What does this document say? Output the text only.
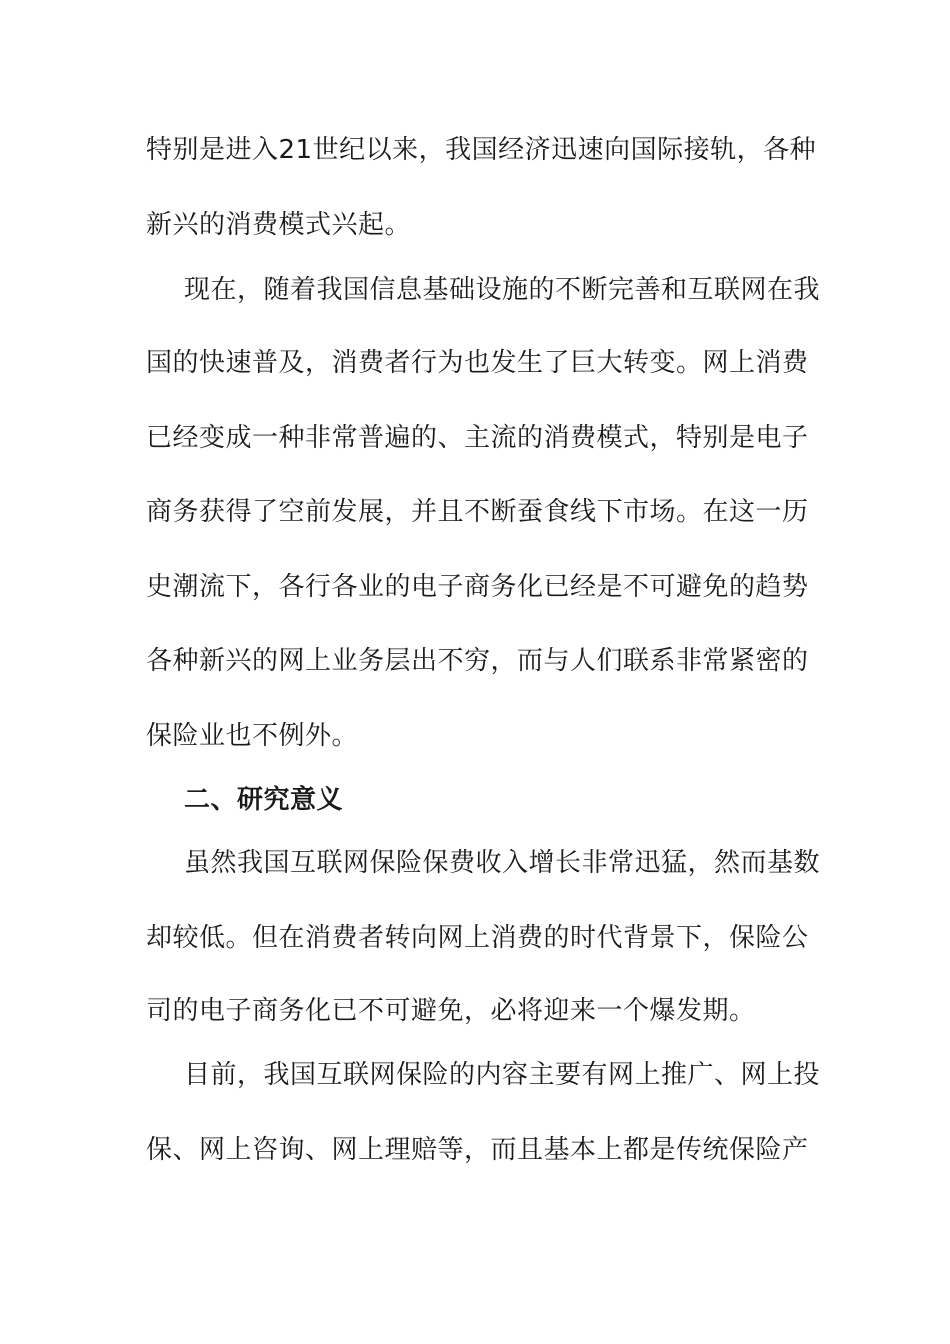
特别是进入21世纪以来，我国经济迅速向国际接轨，各种
新兴的消费模式兴起。
现在，随着我国信息基础设施的不断完善和互联网在我
国的快速普及，消费者行为也发生了巨大转变。网上消费
已经变成一种非常普遍的、主流的消费模式，特别是电子
商务获得了空前发展，并且不断蚕食线下市场。在这一历
史潮流下，各行各业的电子商务化已经是不可避免的趋势
各种新兴的网上业务层出不穷，而与人们联系非常紧密的
保险业也不例外。
二、研究意义
虽然我国互联网保险保费收入增长非常迅猛，然而基数
却较低。但在消费者转向网上消费的时代背景下，保险公
司的电子商务化已不可避免，必将迎来一个爆发期。
目前，我国互联网保险的内容主要有网上推广、网上投
保、网上咨询、网上理赔等，而且基本上都是传统保险产
